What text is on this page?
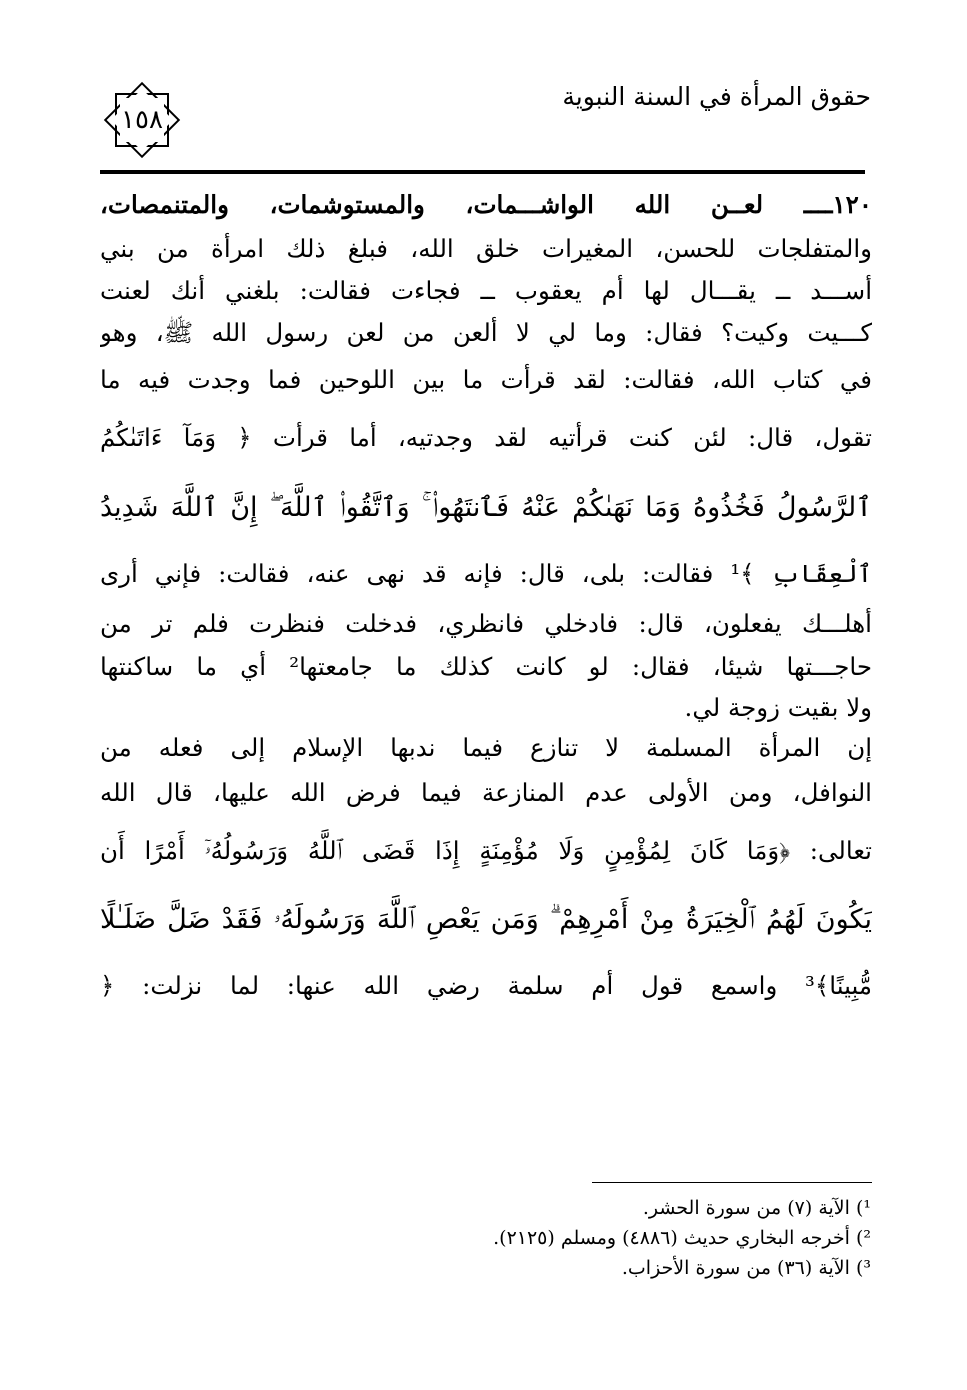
١٥٨
حقوق المرأة في السنة النبوية
١٢٠ــــ لعــن الله الواشـــمات، والمستوشمات، والمتنمصات،
والمتفلجات للحسن، المغيرات خلق الله، فبلغ ذلك امرأة من بني
أســـد ــ يقـــال لها أم يعقوب ــ فجاءت فقالت: بلغني أنك لعنت
كـــيت وكيت؟ فقال: وما لي لا ألعن من لعن رسول الله ﷺ، وهو
في كتاب الله، فقالت: لقد قرأت ما بين اللوحين فما وجدت فيه ما
تقول، قال: لئن كنت قرأتيه لقد وجدتيه، أما قرأت ﴿ وَمَآ ءَاتَىٰكُمُ
ٱلرَّسُولُ فَخُذُوهُ وَمَا نَهَىٰكُمْ عَنْهُ فَٱنتَهُوا۟ ۚ وَٱتَّقُوا۟ ٱللَّهَ ۖ إِنَّ ٱللَّهَ شَدِيدُ
ٱلْعِقَابِ ﴾¹ فقالت: بلى، قال: فإنه قد نهى عنه، فقالت: فإني أرى
أهلـــك يفعلون، قال: فادخلي فانظري، فدخلت فنظرت فلم تر من
حاجـــتها شيئا، فقال: لو كانت كذلك ما جامعتها² أي ما ساكنتها
ولا بقيت زوجة لي.
إن المرأة المسلمة لا تنازع فيما ندبها الإسلام إلى فعله من
النوافل، ومن الأولى عدم المنازعة فيما فرض الله عليها، قال الله
تعالى: ﴿وَمَا كَانَ لِمُؤْمِنٍ وَلَا مُؤْمِنَةٍ إِذَا قَضَى ٱللَّهُ وَرَسُولُهُۥٓ أَمْرًا أَن
يَكُونَ لَهُمُ ٱلْخِيَرَةُ مِنْ أَمْرِهِمْ ۗ وَمَن يَعْصِ ٱللَّهَ وَرَسُولَهُۥ فَقَدْ ضَلَّ ضَلَـٰلًا
مُّبِينًا﴾³ واسمع قول أم سلمة رضي الله عنها: لما نزلت: ﴿
¹) الآية (٧) من سورة الحشر.
²) أخرجه البخاري حديث (٤٨٨٦) ومسلم (٢١٢٥).
³) الآية (٣٦) من سورة الأحزاب.
